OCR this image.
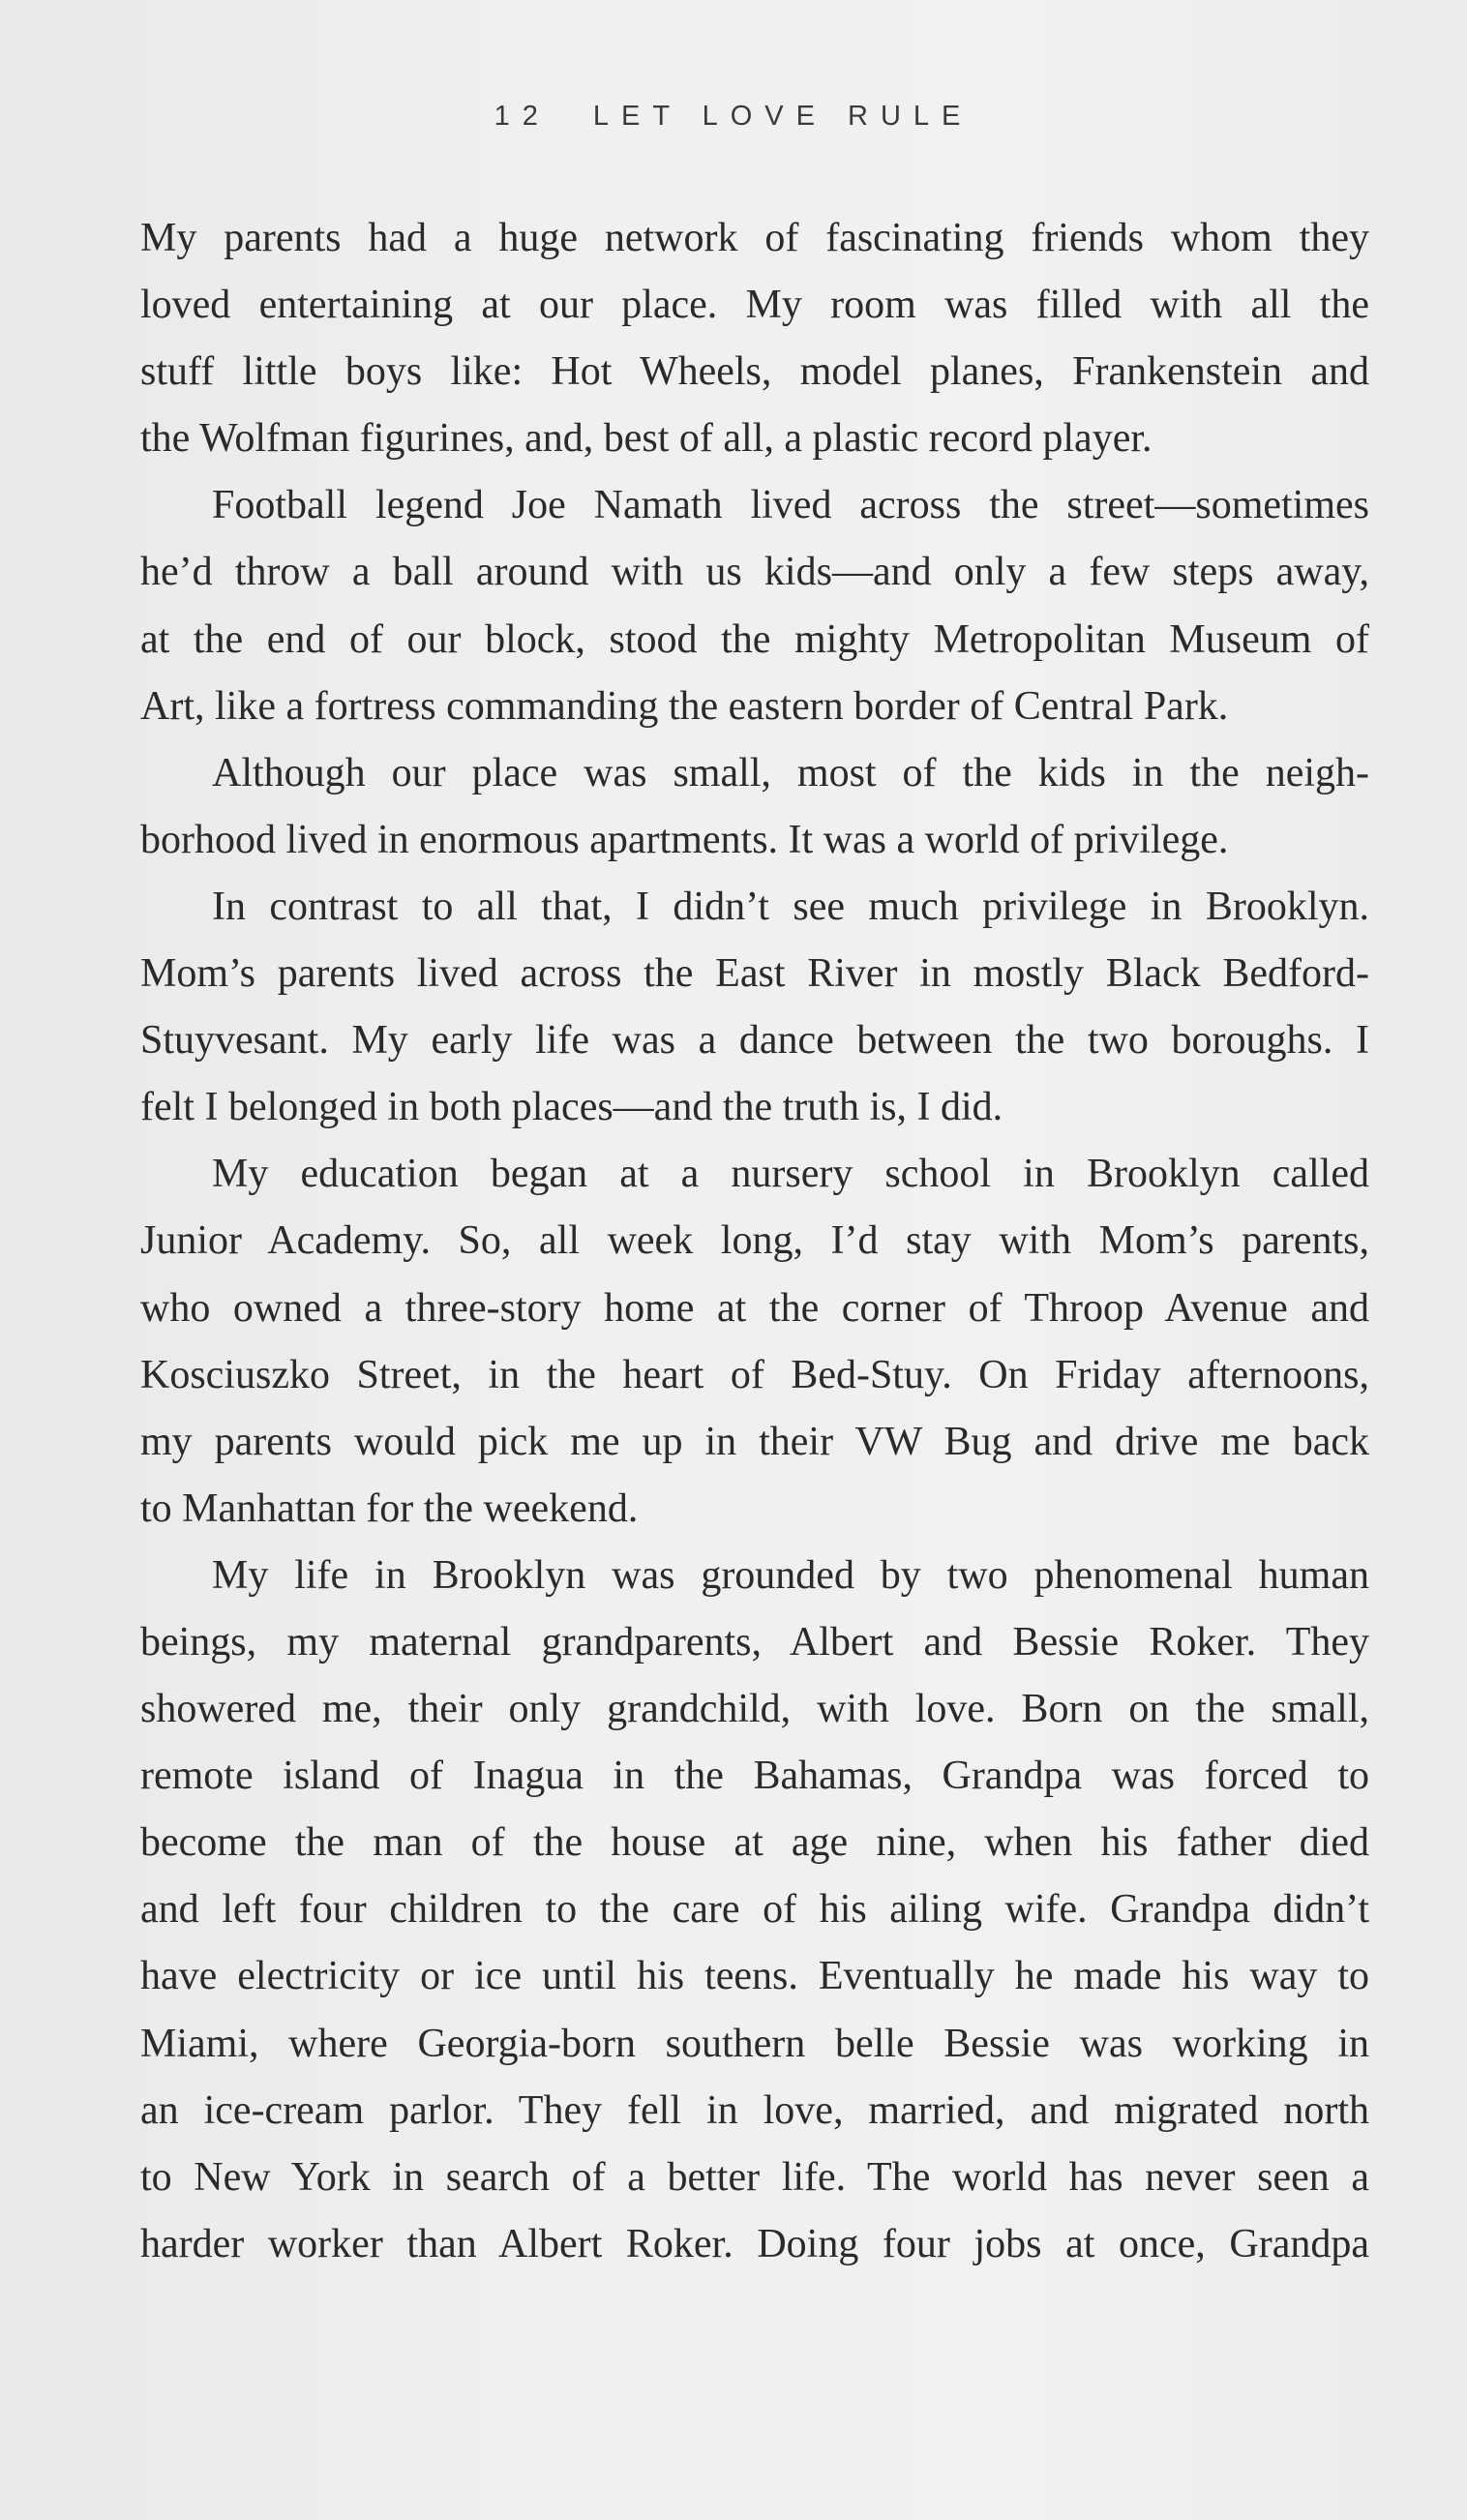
12 LET LOVE RULE
My parents had a huge network of fascinating friends whom they
loved entertaining at our place. My room was filled with all the
stuff little boys like: Hot Wheels, model planes, Frankenstein and
the Wolfman figurines, and, best of all, a plastic record player.
Football legend Joe Namath lived across the street—sometimes
he’d throw a ball around with us kids—and only a few steps away,
at the end of our block, stood the mighty Metropolitan Museum of
Art, like a fortress commanding the eastern border of Central Park.
Although our place was small, most of the kids in the neigh-
borhood lived in enormous apartments. It was a world of privilege.
In contrast to all that, I didn’t see much privilege in Brooklyn.
Mom’s parents lived across the East River in mostly Black Bedford-
Stuyvesant. My early life was a dance between the two boroughs. I
felt I belonged in both places—and the truth is, I did.
My education began at a nursery school in Brooklyn called
Junior Academy. So, all week long, I’d stay with Mom’s parents,
who owned a three-story home at the corner of Throop Avenue and
Kosciuszko Street, in the heart of Bed-Stuy. On Friday afternoons,
my parents would pick me up in their VW Bug and drive me back
to Manhattan for the weekend.
My life in Brooklyn was grounded by two phenomenal human
beings, my maternal grandparents, Albert and Bessie Roker. They
showered me, their only grandchild, with love. Born on the small,
remote island of Inagua in the Bahamas, Grandpa was forced to
become the man of the house at age nine, when his father died
and left four children to the care of his ailing wife. Grandpa didn’t
have electricity or ice until his teens. Eventually he made his way to
Miami, where Georgia-born southern belle Bessie was working in
an ice-cream parlor. They fell in love, married, and migrated north
to New York in search of a better life. The world has never seen a
harder worker than Albert Roker. Doing four jobs at once, Grandpa
